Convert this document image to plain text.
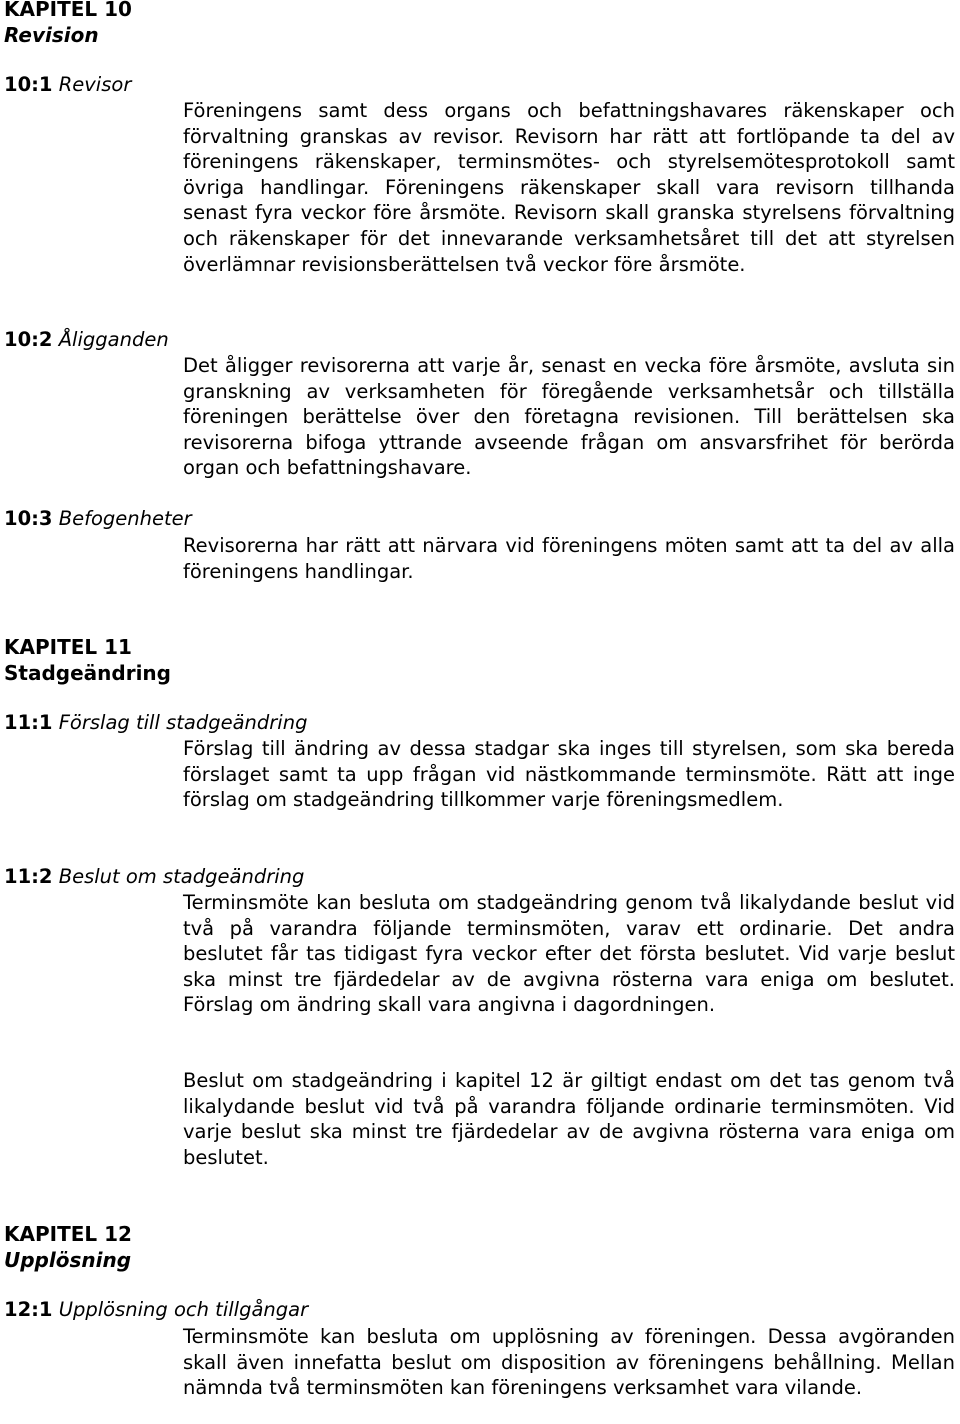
KAPITEL 10
Revision
10:1 Revisor

Föreningens samt dess organs och befattningshavares räkenskaper och förvaltning granskas av revisor. Revisorn har rätt att fortlöpande ta del av föreningens räkenskaper, terminsmötes- och styrelsemötesprotokoll samt övriga handlingar. Föreningens räkenskaper skall vara revisorn tillhanda senast fyra veckor före årsmöte. Revisorn skall granska styrelsens förvaltning och räkenskaper för det innevarande verksamhetsåret till det att styrelsen överlämnar revisionsberättelsen två veckor före årsmöte.

10:2 Åligganden

Det åligger revisorerna att varje år, senast en vecka före årsmöte, avsluta sin granskning av verksamheten för föregående verksamhetsår och tillställa föreningen berättelse över den företagna revisionen. Till berättelsen ska revisorerna bifoga yttrande avseende frågan om ansvarsfrihet för berörda organ och befattningshavare.

10:3 Befogenheter

Revisorerna har rätt att närvara vid föreningens möten samt att ta del av alla föreningens handlingar.

KAPITEL 11
Stadgeändring
11:1 Förslag till stadgeändring

Förslag till ändring av dessa stadgar ska inges till styrelsen, som ska bereda förslaget samt ta upp frågan vid nästkommande terminsmöte. Rätt att inge förslag om stadgeändring tillkommer varje föreningsmedlem.

11:2 Beslut om stadgeändring

Terminsmöte kan besluta om stadgeändring genom två likalydande beslut vid två på varandra följande terminsmöten, varav ett ordinarie. Det andra beslutet får tas tidigast fyra veckor efter det första beslutet. Vid varje beslut ska minst tre fjärdedelar av de avgivna rösterna vara eniga om beslutet. Förslag om ändring skall vara angivna i dagordningen.

Beslut om stadgeändring i kapitel 12 är giltigt endast om det tas genom två likalydande beslut vid två på varandra följande ordinarie terminsmöten. Vid varje beslut ska minst tre fjärdedelar av de avgivna rösterna vara eniga om beslutet.

KAPITEL 12
Upplösning
12:1 Upplösning och tillgångar

Terminsmöte kan besluta om upplösning av föreningen. Dessa avgöranden skall även innefatta beslut om disposition av föreningens behållning. Mellan nämnda två terminsmöten kan föreningens verksamhet vara vilande.
